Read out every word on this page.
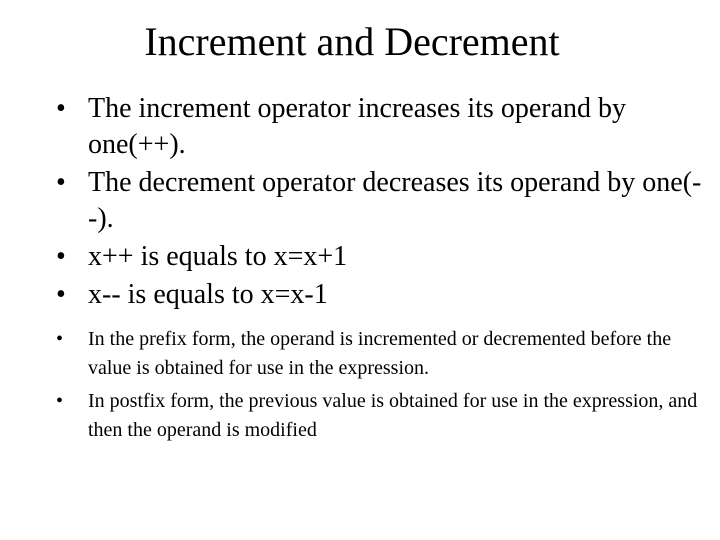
Increment and Decrement
• The increment operator increases its operand by one(++).
• The decrement operator decreases its operand by one(--).
• x++ is equals to x=x+1
• x-- is equals to x=x-1
• In the prefix form, the operand is incremented or decremented before the value is obtained for use in the expression.
• In postfix form, the previous value is obtained for use in the expression, and then the operand is modified
